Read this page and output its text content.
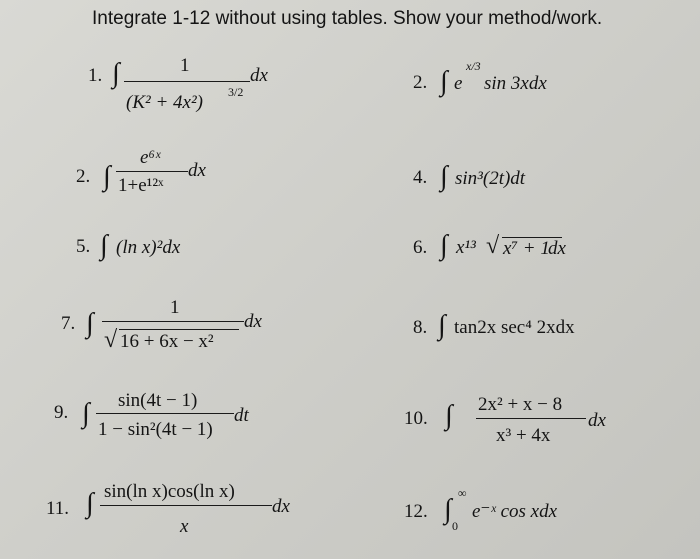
Integrate 1-12 without using tables. Show your method/work.
1. ∫	1	dx
(K² + 4x²) 3/2	2. ∫ e
x/3
sin 3xdx
2. ∫
e⁶ˣ
dx
1+e¹²ˣ	4. ∫ sin³(2t)dt
5. ∫ (ln x)²dx	6. ∫ x¹³ √ x⁷ + 1
dx
7. ∫
1
dx
√ 16 + 6x − x²
8. ∫ tan2x sec⁴ 2xdx
9. ∫ sin(4t − 1)
dt
1 − sin²(4t − 1)
10. ∫ 2x² + x − 8
dx
x³ + 4x
11. ∫ sin(ln x)cos(ln x)
dx
x
12. ∫
∞
0
e⁻ˣ cos xdx
